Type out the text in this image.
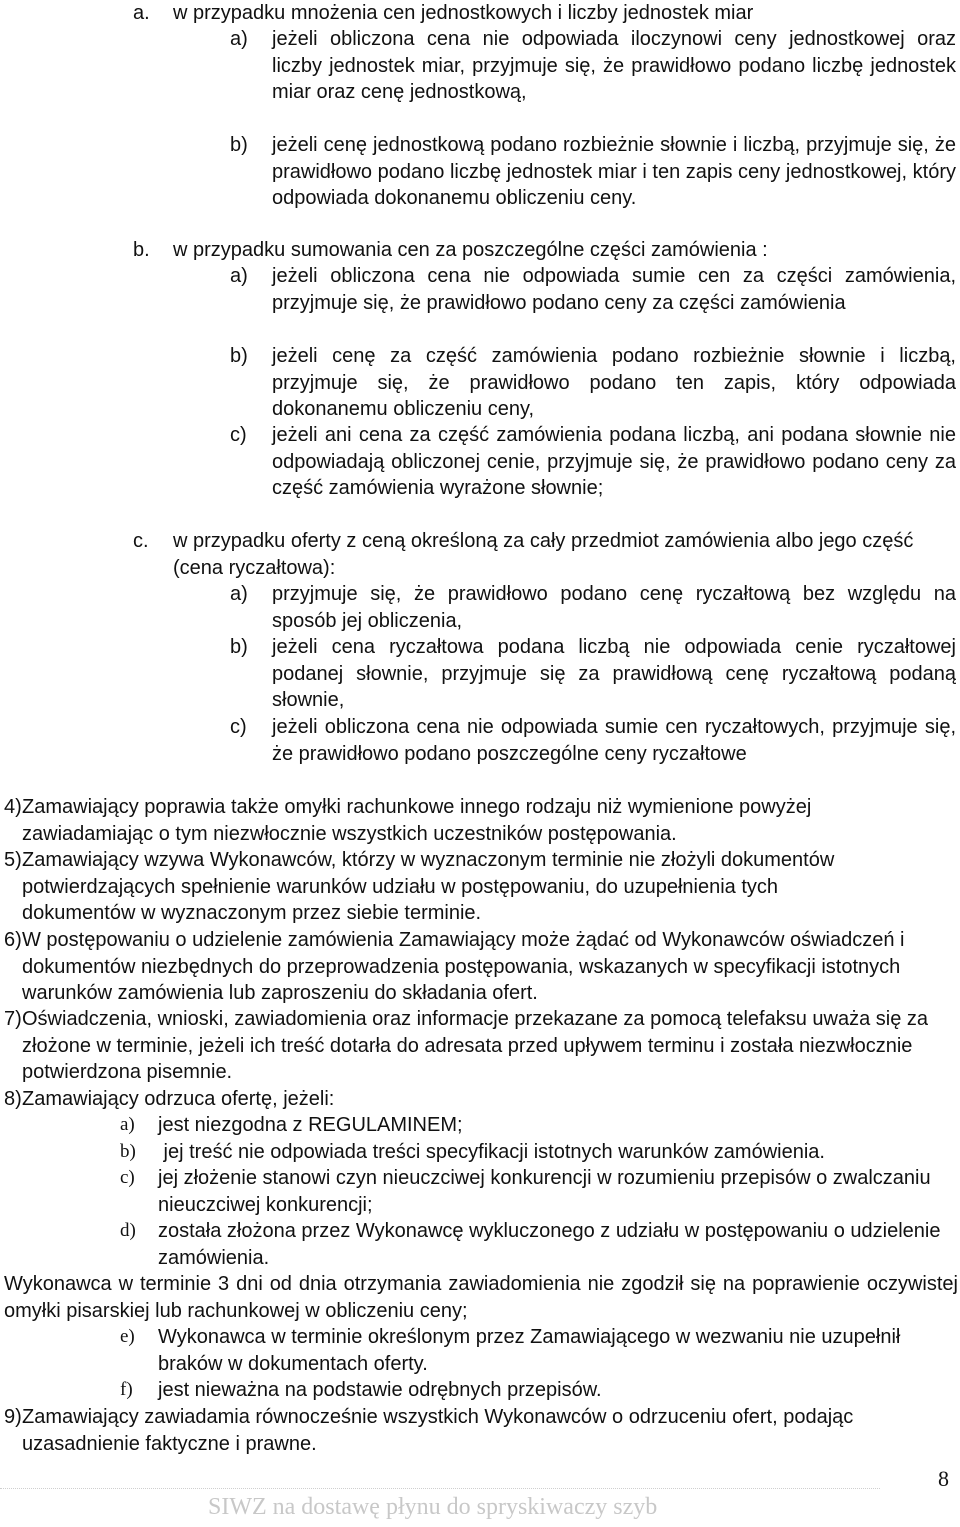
a. w przypadku mnożenia cen jednostkowych i liczby jednostek miar
a)	jeżeli obliczona cena nie odpowiada iloczynowi ceny jednostkowej oraz liczby jednostek miar, przyjmuje się, że prawidłowo podano liczbę jednostek miar oraz cenę jednostkową,
b)	jeżeli cenę jednostkową podano rozbieżnie słownie i liczbą, przyjmuje się, że prawidłowo podano liczbę jednostek miar i ten zapis ceny jednostkowej, który odpowiada dokonanemu obliczeniu ceny.
b. w przypadku sumowania cen za poszczególne części zamówienia :
a)	jeżeli obliczona cena nie odpowiada sumie cen za części zamówienia, przyjmuje się, że prawidłowo podano ceny za części zamówienia
b)	jeżeli cenę za część zamówienia podano rozbieżnie słownie i liczbą, przyjmuje się, że prawidłowo podano ten zapis, który odpowiada dokonanemu obliczeniu ceny,
c)	jeżeli ani cena za część zamówienia podana liczbą, ani podana słownie nie odpowiadają obliczonej cenie, przyjmuje się, że prawidłowo podano ceny za część zamówienia wyrażone słownie;
c. w przypadku oferty z ceną określoną za cały przedmiot zamówienia albo jego część (cena ryczałtowa):
a)	przyjmuje się, że prawidłowo podano cenę ryczałtową bez względu na sposób jej obliczenia,
b)	jeżeli cena ryczałtowa podana liczbą nie odpowiada cenie ryczałtowej podanej słownie, przyjmuje się za prawidłową cenę ryczałtową podaną słownie,
c)	jeżeli obliczona cena nie odpowiada sumie cen ryczałtowych, przyjmuje się, że prawidłowo podano poszczególne ceny ryczałtowe
4) Zamawiający poprawia także omyłki rachunkowe innego rodzaju niż wymienione powyżej zawiadamiając o tym niezwłocznie wszystkich uczestników postępowania.
5) Zamawiający wzywa Wykonawców, którzy w wyznaczonym terminie nie złożyli dokumentów potwierdzających spełnienie warunków udziału w postępowaniu, do uzupełnienia tych dokumentów w wyznaczonym przez siebie terminie.
6) W postępowaniu o udzielenie zamówienia Zamawiający może żądać od Wykonawców oświadczeń i dokumentów niezbędnych do przeprowadzenia postępowania, wskazanych w specyfikacji istotnych warunków zamówienia lub zaproszeniu do składania ofert.
7) Oświadczenia, wnioski, zawiadomienia oraz informacje przekazane za pomocą telefaksu uważa się za złożone w terminie, jeżeli ich treść dotarła do adresata przed upływem terminu i została niezwłocznie potwierdzona pisemnie.
8) Zamawiający odrzuca ofertę, jeżeli:
a)	jest niezgodna z REGULAMINEM;
b)	jej treść nie odpowiada treści specyfikacji istotnych warunków zamówienia.
c)	jej złożenie stanowi czyn nieuczciwej konkurencji w rozumieniu przepisów o zwalczaniu nieuczciwej konkurencji;
d)	została złożona przez Wykonawcę wykluczonego z udziału w postępowaniu o udzielenie zamówienia.
Wykonawca w terminie 3 dni od dnia otrzymania zawiadomienia nie zgodził się na poprawienie oczywistej omyłki pisarskiej lub rachunkowej w obliczeniu ceny;
e)	Wykonawca w terminie określonym przez Zamawiającego w wezwaniu nie uzupełnił braków w dokumentach oferty.
f)	jest nieważna na podstawie odrębnych przepisów.
9) Zamawiający zawiadamia równocześnie wszystkich Wykonawców o odrzuceniu ofert, podając uzasadnienie faktyczne i prawne.
8
SIWZ na dostawę płynu do spryskiwaczy szyb
